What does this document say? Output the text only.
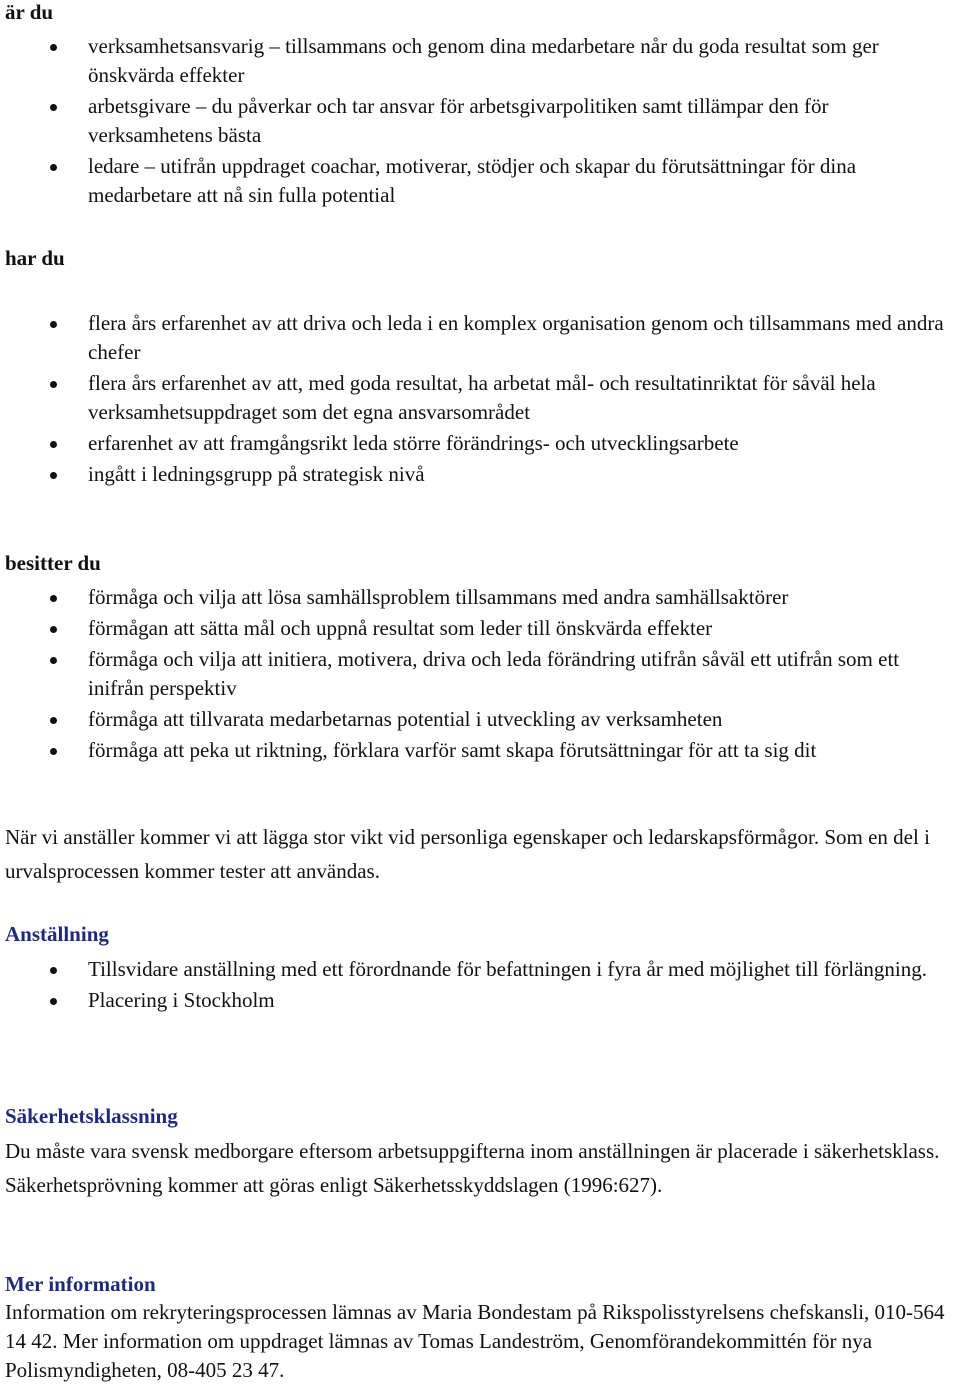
är du
verksamhetsansvarig – tillsammans och genom dina medarbetare når du goda resultat som ger önskvärda effekter
arbetsgivare – du påverkar och tar ansvar för arbetsgivarpolitiken samt tillämpar den för verksamhetens bästa
ledare – utifrån uppdraget coachar, motiverar, stödjer och skapar du förutsättningar för dina medarbetare att nå sin fulla potential
har du
flera års erfarenhet av att driva och leda i en komplex organisation genom och tillsammans med andra chefer
flera års erfarenhet av att, med goda resultat, ha arbetat mål- och resultatinriktat för såväl hela verksamhetsuppdraget som det egna ansvarsområdet
erfarenhet av att framgångsrikt leda större förändrings- och utvecklingsarbete
ingått i ledningsgrupp på strategisk nivå
besitter du
förmåga och vilja att lösa samhällsproblem tillsammans med andra samhällsaktörer
förmågan att sätta mål och uppnå resultat som leder till önskvärda effekter
förmåga och vilja att initiera, motivera, driva och leda förändring utifrån såväl ett utifrån som ett inifrån perspektiv
förmåga att tillvarata medarbetarnas potential i utveckling av verksamheten
förmåga att peka ut riktning, förklara varför samt skapa förutsättningar för att ta sig dit

När vi anställer kommer vi att lägga stor vikt vid personliga egenskaper och ledarskapsförmågor. Som en del i urvalsprocessen kommer tester att användas.

Anställning
Tillsvidare anställning med ett förordnande för befattningen i fyra år med möjlighet till förlängning.
Placering i Stockholm
Säkerhetsklassning

Du måste vara svensk medborgare eftersom arbetsuppgifterna inom anställningen är placerade i säkerhetsklass. Säkerhetsprövning kommer att göras enligt Säkerhetsskyddslagen (1996:627).

Mer information

Information om rekryteringsprocessen lämnas av Maria Bondestam på Rikspolisstyrelsens chefskansli, 010-564 14 42. Mer information om uppdraget lämnas av Tomas Landeström, Genomförandekommittén för nya Polismyndigheten, 08-405 23 47.
